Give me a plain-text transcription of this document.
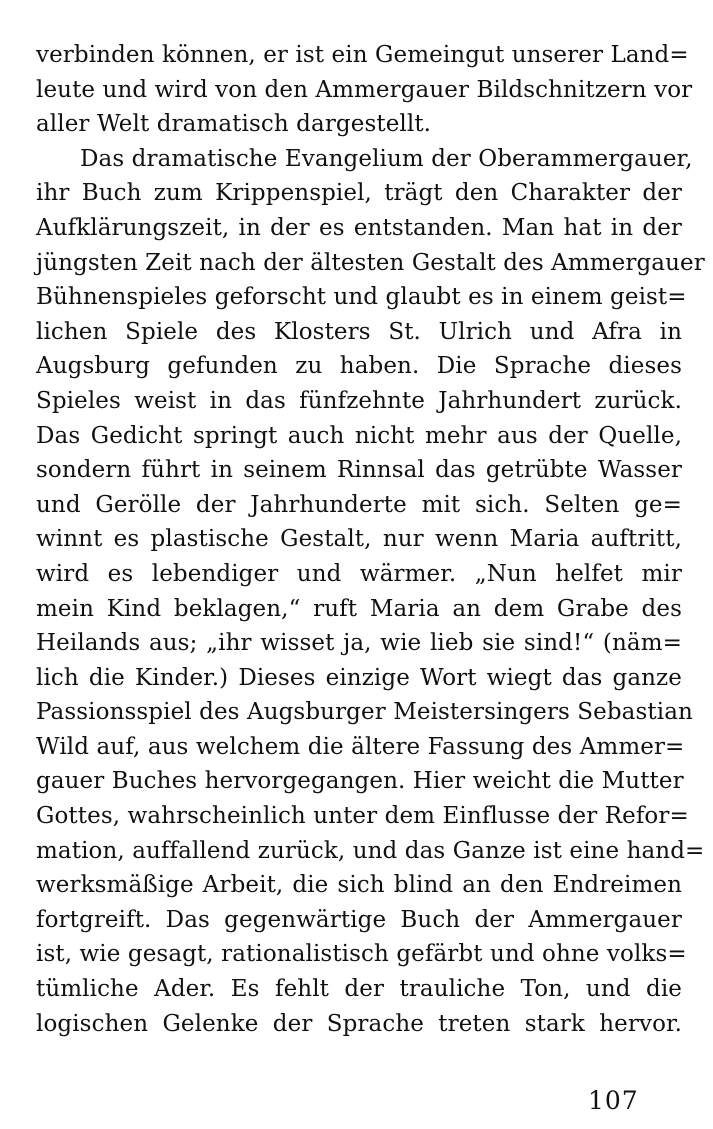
verbinden können, er ist ein Gemeingut unserer Land=
leute und wird von den Ammergauer Bildschnitzern vor
aller Welt dramatisch dargestellt.
Das dramatische Evangelium der Oberammergauer,
ihr Buch zum Krippenspiel, trägt den Charakter der
Aufklärungszeit, in der es entstanden. Man hat in der
jüngsten Zeit nach der ältesten Gestalt des Ammergauer
Bühnenspieles geforscht und glaubt es in einem geist=
lichen Spiele des Klosters St. Ulrich und Afra in
Augsburg gefunden zu haben. Die Sprache dieses
Spieles weist in das fünfzehnte Jahrhundert zurück.
Das Gedicht springt auch nicht mehr aus der Quelle,
sondern führt in seinem Rinnsal das getrübte Wasser
und Gerölle der Jahrhunderte mit sich. Selten ge=
winnt es plastische Gestalt, nur wenn Maria auftritt,
wird es lebendiger und wärmer. „Nun helfet mir
mein Kind beklagen,“ ruft Maria an dem Grabe des
Heilands aus; „ihr wisset ja, wie lieb sie sind!“ (näm=
lich die Kinder.) Dieses einzige Wort wiegt das ganze
Passionsspiel des Augsburger Meistersingers Sebastian
Wild auf, aus welchem die ältere Fassung des Ammer=
gauer Buches hervorgegangen. Hier weicht die Mutter
Gottes, wahrscheinlich unter dem Einflusse der Refor=
mation, auffallend zurück, und das Ganze ist eine hand=
werksmäßige Arbeit, die sich blind an den Endreimen
fortgreift. Das gegenwärtige Buch der Ammergauer
ist, wie gesagt, rationalistisch gefärbt und ohne volks=
tümliche Ader. Es fehlt der trauliche Ton, und die
logischen Gelenke der Sprache treten stark hervor.
107
